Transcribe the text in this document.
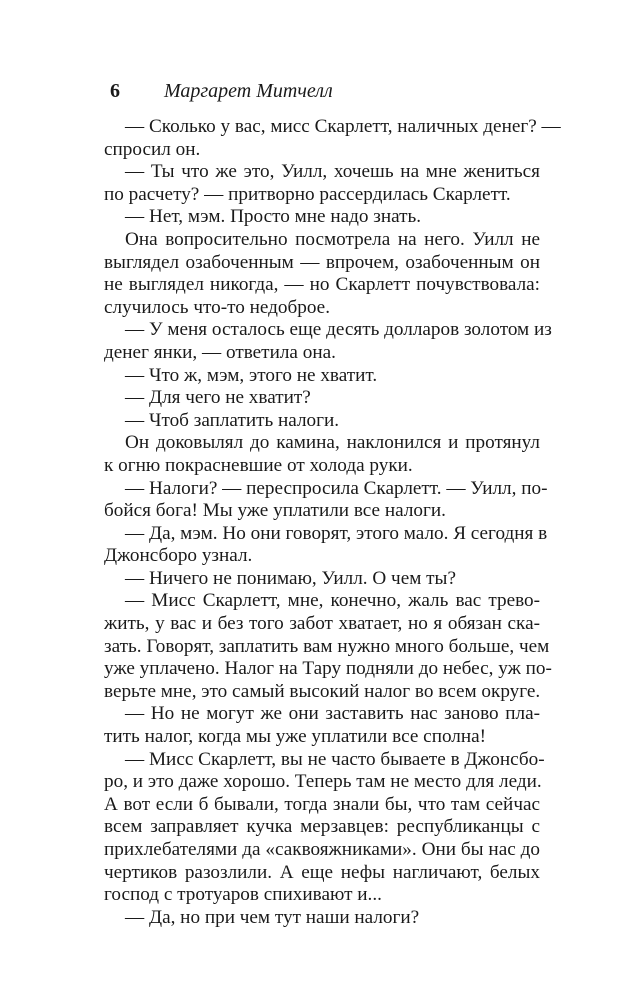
6 Маргарет Митчелл
— Сколько у вас, мисс Скарлетт, наличных денег? —
спросил он.
— Ты что же это, Уилл, хочешь на мне жениться
по расчету? — притворно рассердилась Скарлетт.
— Нет, мэм. Просто мне надо знать.
Она вопросительно посмотрела на него. Уилл не
выглядел озабоченным — впрочем, озабоченным он
не выглядел никогда, — но Скарлетт почувствовала:
случилось что-то недоброе.
— У меня осталось еще десять долларов золотом из
денег янки, — ответила она.
— Что ж, мэм, этого не хватит.
— Для чего не хватит?
— Чтоб заплатить налоги.
Он доковылял до камина, наклонился и протянул
к огню покрасневшие от холода руки.
— Налоги? — переспросила Скарлетт. — Уилл, по-
бойся бога! Мы уже уплатили все налоги.
— Да, мэм. Но они говорят, этого мало. Я сегодня в
Джонсборо узнал.
— Ничего не понимаю, Уилл. О чем ты?
— Мисс Скарлетт, мне, конечно, жаль вас трево-
жить, у вас и без того забот хватает, но я обязан ска-
зать. Говорят, заплатить вам нужно много больше, чем
уже уплачено. Налог на Тару подняли до небес, уж по-
верьте мне, это самый высокий налог во всем округе.
— Но не могут же они заставить нас заново пла-
тить налог, когда мы уже уплатили все сполна!
— Мисс Скарлетт, вы не часто бываете в Джонсбо-
ро, и это даже хорошо. Теперь там не место для леди.
А вот если б бывали, тогда знали бы, что там сейчас
всем заправляет кучка мерзавцев: республиканцы с
прихлебателями да «саквояжниками». Они бы нас до
чертиков разозлили. А еще нефы нагличают, белых
господ с тротуаров спихивают и...
— Да, но при чем тут наши налоги?
